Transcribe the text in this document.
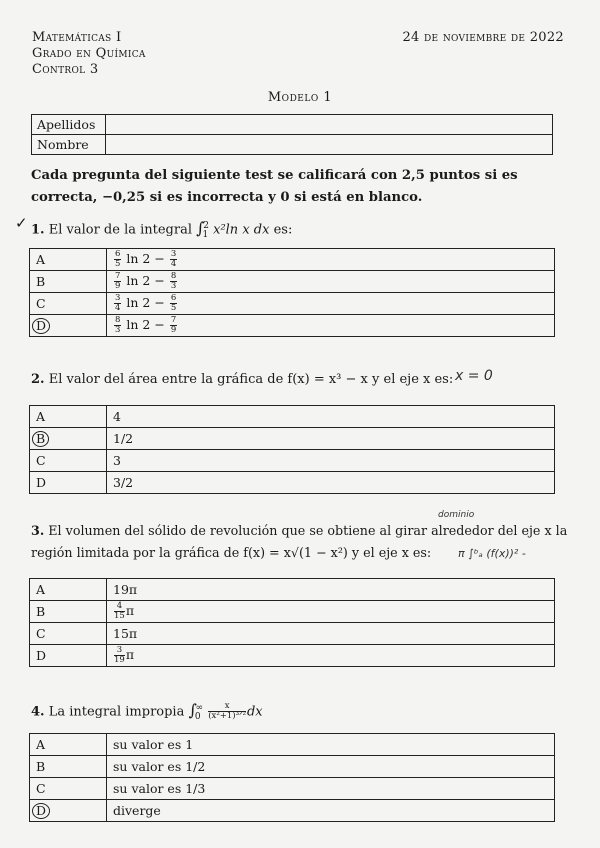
Matemáticas I
Grado en Química
Control 3
24 de noviembre de 2022
Modelo 1
Apellidos	
Nombre	
Cada pregunta del siguiente test se calificará con 2,5 puntos si es correcta, −0,25 si es incorrecta y 0 si está en blanco.
✓ 1. El valor de la integral $\int_1^2$ x²ln x dx es:
A	$\frac{6}{5}$ $\ln 2 - \frac{3}{4}$

B	$\frac{7}{9}$ $\ln 2 - \frac{8}{3}$

C	$\frac{3}{4}$ $\ln 2 - \frac{6}{5}$

D	$\frac{8}{3}$ $\ln 2 - \frac{7}{9}$
2. El valor del área entre la gráfica de f(x) = x³ − x y el eje x es: x = 0
A	4
B	1/2
C	3
D	3/2
dominio
3. El volumen del sólido de revolución que se obtiene al girar alrededor del eje x la
región limitada por la gráfica de f(x) = x√(1 − x²) y el eje x es:	π ∫ᵇₐ (f(x))² -
A	19π
B	$\frac{4}{15}$ π
C	15π
D	$\frac{3}{19}$ π
4. La integral impropia $\int_0^\infty \frac{x}{\text{(x²+1)³ᐟ²}}$ dx
A	su valor es 1
B	su valor es 1/2
C	su valor es 1/3
D	diverge
